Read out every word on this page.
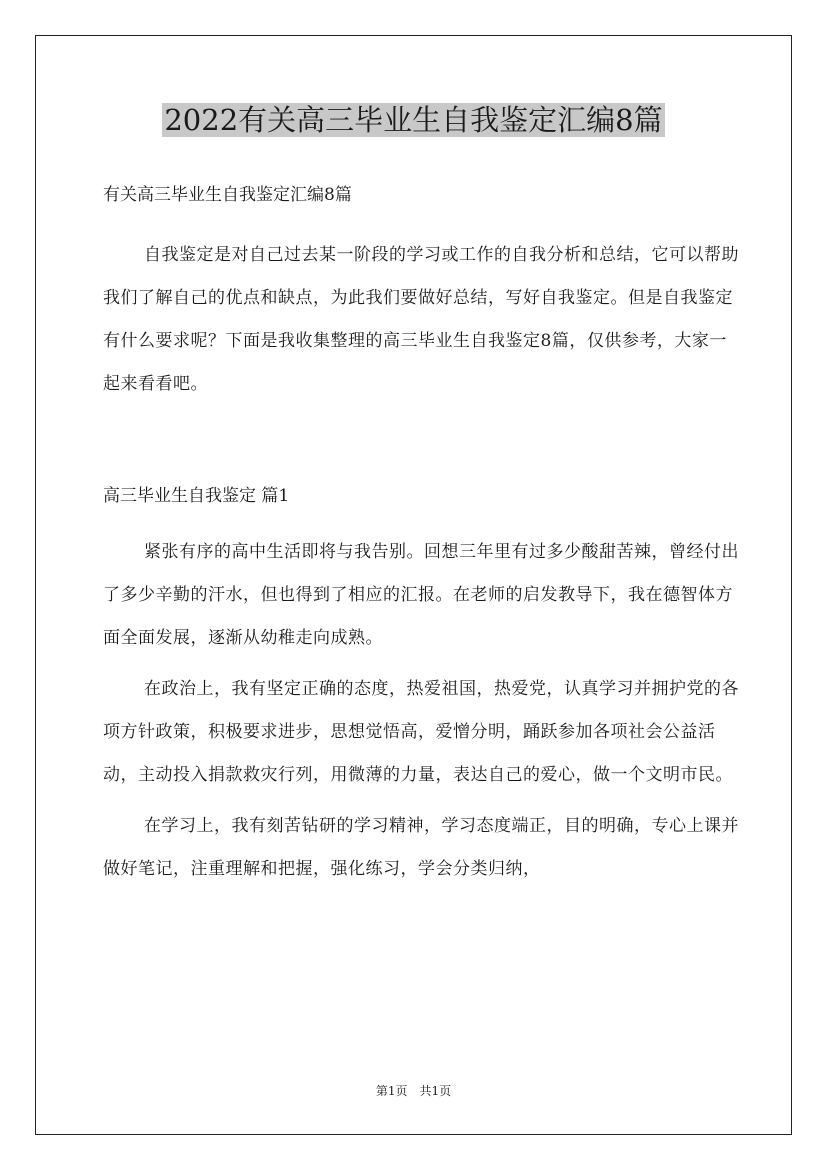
2022有关高三毕业生自我鉴定汇编8篇

有关高三毕业生自我鉴定汇编8篇

自我鉴定是对自己过去某一阶段的学习或工作的自我分析和总结，它可以帮助我们了解自己的优点和缺点，为此我们要做好总结，写好自我鉴定。但是自我鉴定有什么要求呢？下面是我收集整理的高三毕业生自我鉴定8篇，仅供参考，大家一起来看看吧。

高三毕业生自我鉴定 篇1

紧张有序的高中生活即将与我告别。回想三年里有过多少酸甜苦辣，曾经付出了多少辛勤的汗水，但也得到了相应的汇报。在老师的启发教导下，我在德智体方面全面发展，逐渐从幼稚走向成熟。

在政治上，我有坚定正确的态度，热爱祖国，热爱党，认真学习并拥护党的各项方针政策，积极要求进步，思想觉悟高，爱憎分明，踊跃参加各项社会公益活动，主动投入捐款救灾行列，用微薄的力量，表达自己的爱心，做一个文明市民。

在学习上，我有刻苦钻研的学习精神，学习态度端正，目的明确，专心上课并做好笔记，注重理解和把握，强化练习，学会分类归纳，

第1页 共1页
